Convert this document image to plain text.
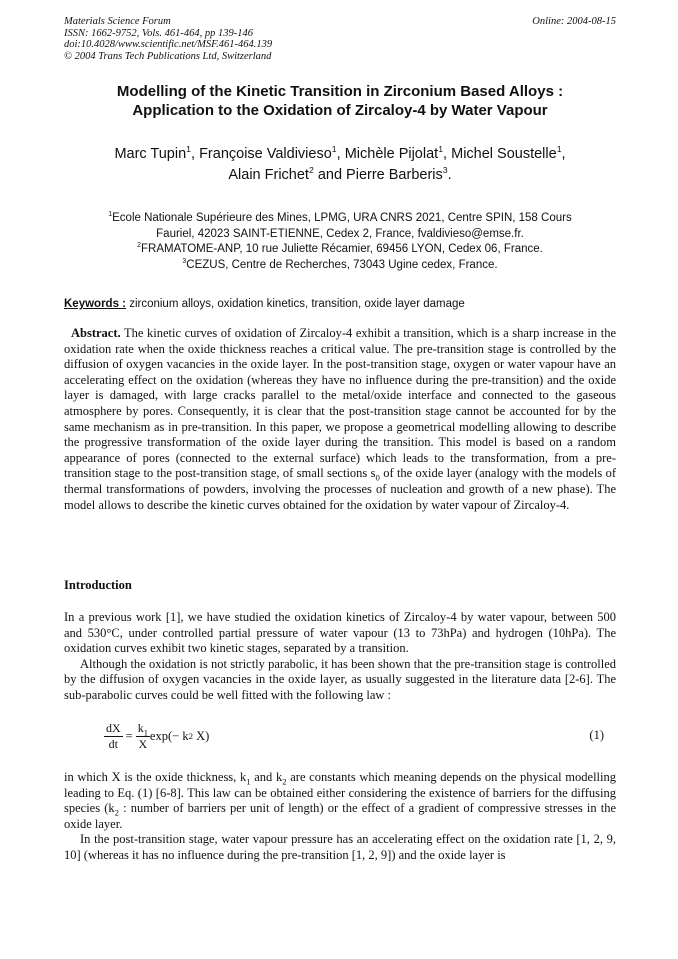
Materials Science Forum
ISSN: 1662-9752, Vols. 461-464, pp 139-146
doi:10.4028/www.scientific.net/MSF.461-464.139
© 2004 Trans Tech Publications Ltd, Switzerland
Online: 2004-08-15
Modelling of the Kinetic Transition in Zirconium Based Alloys :
Application to the Oxidation of Zircaloy-4 by Water Vapour
Marc Tupin$^1$, Françoise Valdivieso$^1$, Michèle Pijolat$^1$, Michel Soustelle$^1$,
Alain Frichet$^2$ and Pierre Barberis$^3$.
$^1$Ecole Nationale Supérieure des Mines, LPMG, URA CNRS 2021, Centre SPIN, 158 Cours
Fauriel, 42023 SAINT-ETIENNE, Cedex 2, France, fvaldivieso@emse.fr.
$^2$FRAMATOME-ANP, 10 rue Juliette Récamier, 69456 LYON, Cedex 06, France.
$^3$CEZUS, Centre de Recherches, 73043 Ugine cedex, France.
Keywords : zirconium alloys, oxidation kinetics, transition, oxide layer damage
Abstract. The kinetic curves of oxidation of Zircaloy-4 exhibit a transition, which is a sharp increase in the oxidation rate when the oxide thickness reaches a critical value. The pre-transition stage is controlled by the diffusion of oxygen vacancies in the oxide layer. In the post-transition stage, oxygen or water vapour have an accelerating effect on the oxidation (whereas they have no influence during the pre-transition) and the oxide layer is damaged, with large cracks parallel to the metal/oxide interface and connected to the gaseous atmosphere by pores. Consequently, it is clear that the post-transition stage cannot be accounted for by the same mechanism as in pre-transition. In this paper, we propose a geometrical modelling allowing to describe the progressive transformation of the oxide layer during the transition. This model is based on a random appearance of pores (connected to the external surface) which leads to the transformation, from a pre-transition stage to the post-transition stage, of small sections $s_0$ of the oxide layer (analogy with the models of thermal transformations of powders, involving the processes of nucleation and growth of a new phase). The model allows to describe the kinetic curves obtained for the oxidation by water vapour of Zircaloy-4.
Introduction

In a previous work [1], we have studied the oxidation kinetics of Zircaloy-4 by water vapour, between 500 and 530°C, under controlled partial pressure of water vapour (13 to 73hPa) and hydrogen (10hPa). The oxidation curves exhibit two kinetic stages, separated by a transition.

Although the oxidation is not strictly parabolic, it has been shown that the pre-transition stage is controlled by the diffusion of oxygen vacancies in the oxide layer, as usually suggested in the literature data [2-6]. The sub-parabolic curves could be well fitted with the following law :

$\frac{dX}{dt} = \frac{k_1}{X}$ exp (− k 2 X)	(1)

in which X is the oxide thickness, $k_1$ and $k_2$ are constants which meaning depends on the physical modelling leading to Eq. (1) [6-8]. This law can be obtained either considering the existence of barriers for the diffusing species ($k_2$ : number of barriers per unit of length) or the effect of a gradient of compressive stresses in the oxide layer.

In the post-transition stage, water vapour pressure has an accelerating effect on the oxidation rate [1, 2, 9, 10] (whereas it has no influence during the pre-transition [1, 2, 9]) and the oxide layer is
